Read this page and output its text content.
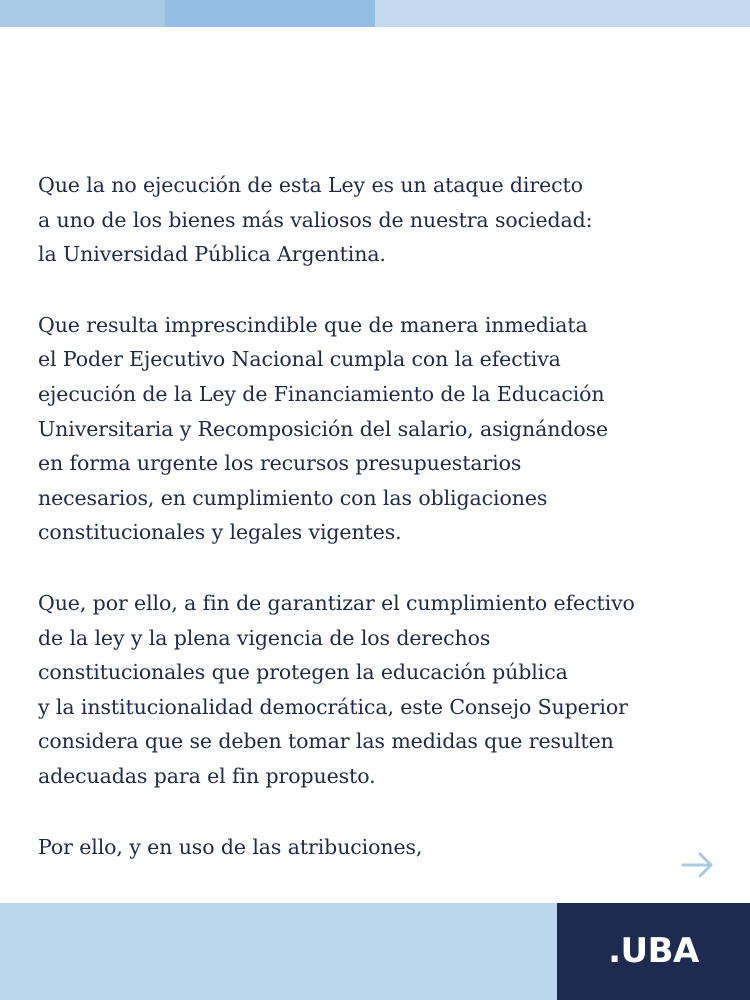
Que la no ejecución de esta Ley es un ataque directo
a uno de los bienes más valiosos de nuestra sociedad:
la Universidad Pública Argentina.

Que resulta imprescindible que de manera inmediata
el Poder Ejecutivo Nacional cumpla con la efectiva
ejecución de la Ley de Financiamiento de la Educación
Universitaria y Recomposición del salario, asignándose
en forma urgente los recursos presupuestarios
necesarios, en cumplimiento con las obligaciones
constitucionales y legales vigentes.

Que, por ello, a fin de garantizar el cumplimiento efectivo
de la ley y la plena vigencia de los derechos
constitucionales que protegen la educación pública
y la institucionalidad democrática, este Consejo Superior
considera que se deben tomar las medidas que resulten
adecuadas para el fin propuesto.

Por ello, y en uso de las atribuciones,

.UBA
